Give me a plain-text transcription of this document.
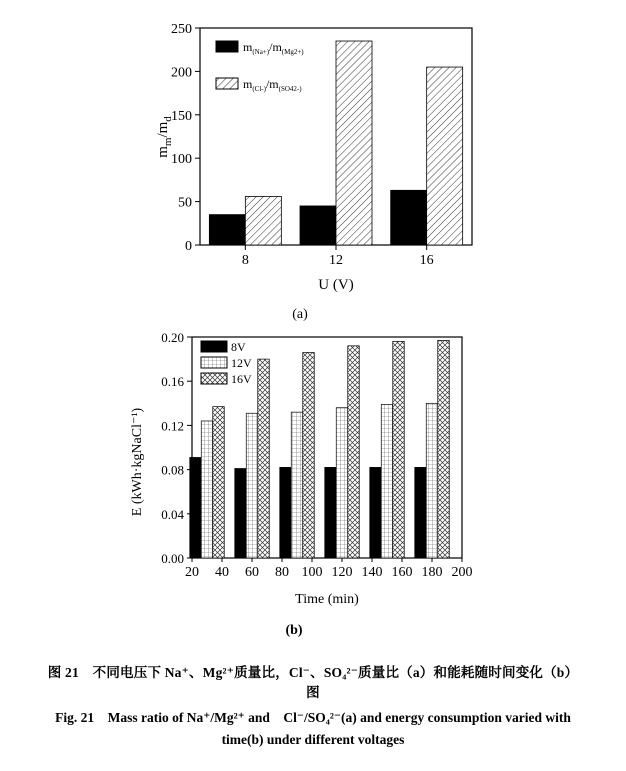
0
50
100
150
200
250
8	12	16
U (V)
$m_m/m_d$
$m_{(Na+)}/m_{(Mg2+)}$
$m_{(Cl-)}/m_{(SO42-)}$
(a)
0.00
0.04
0.08
0.12
0.16
0.20
20 40 60 80 100 120 140 160 180 200
Time (min)
E (kWh·kgNaCl⁻¹)
8V
12V
16V
(b)
图 21　不同电压下 Na⁺、Mg²⁺质量比，Cl⁻、SO₄²⁻质量比（a）和能耗随时间变化（b）
图
Fig. 21　Mass ratio of Na⁺/Mg²⁺ and　Cl⁻/SO₄²⁻(a) and energy consumption varied with
time(b) under different voltages
